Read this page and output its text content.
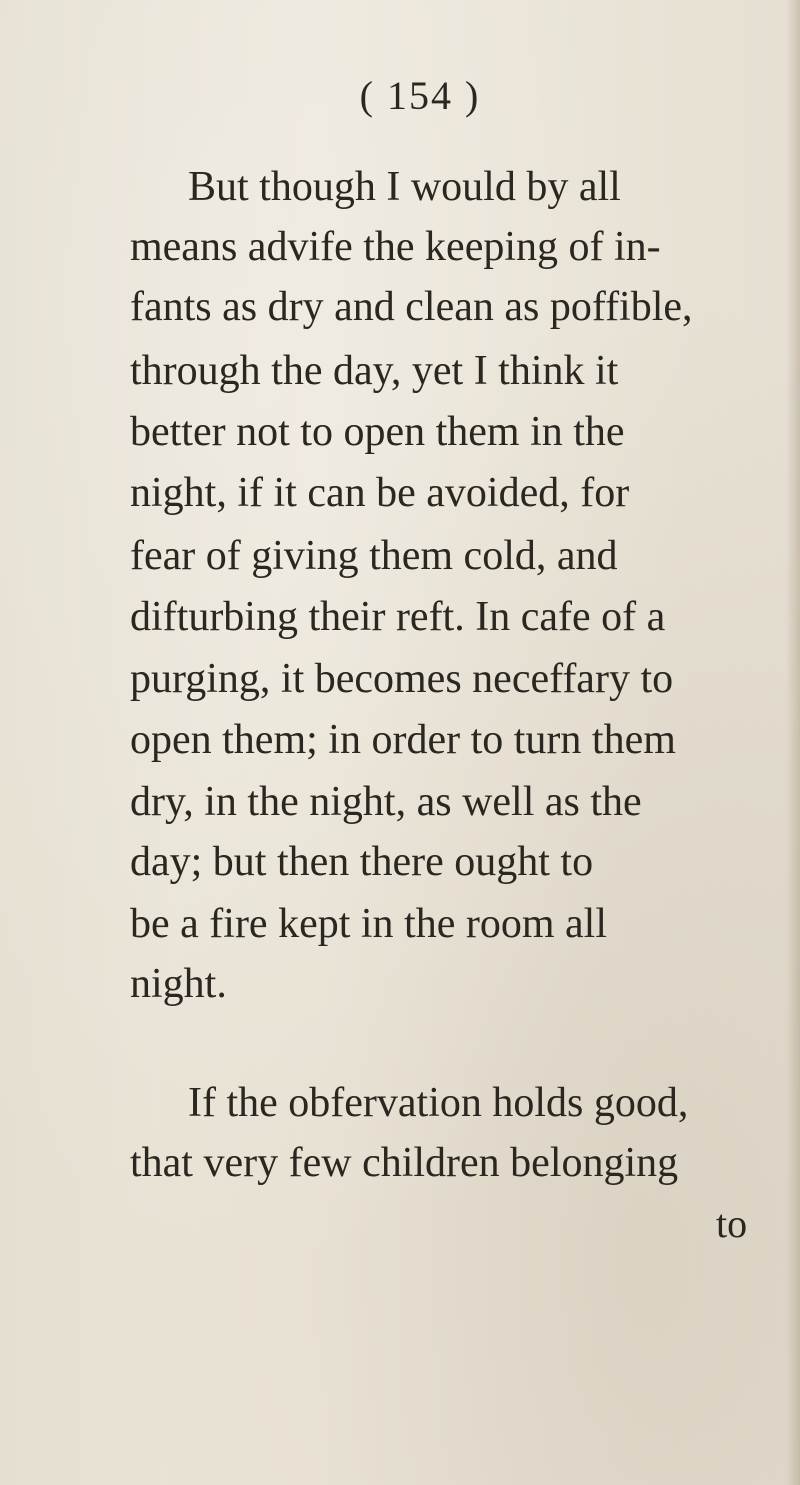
( 154 )
But though I would by all
means advife the keeping of in-
fants as dry and clean as poffible,
through the day, yet I think it
better not to open them in the
night, if it can be avoided, for
fear of giving them cold, and
difturbing their reft. In cafe of a
purging, it becomes neceffary to
open them; in order to turn them
dry, in the night, as well as the
day; but then there ought to
be a fire kept in the room all
night.
If the obfervation holds good,
that very few children belonging
to
